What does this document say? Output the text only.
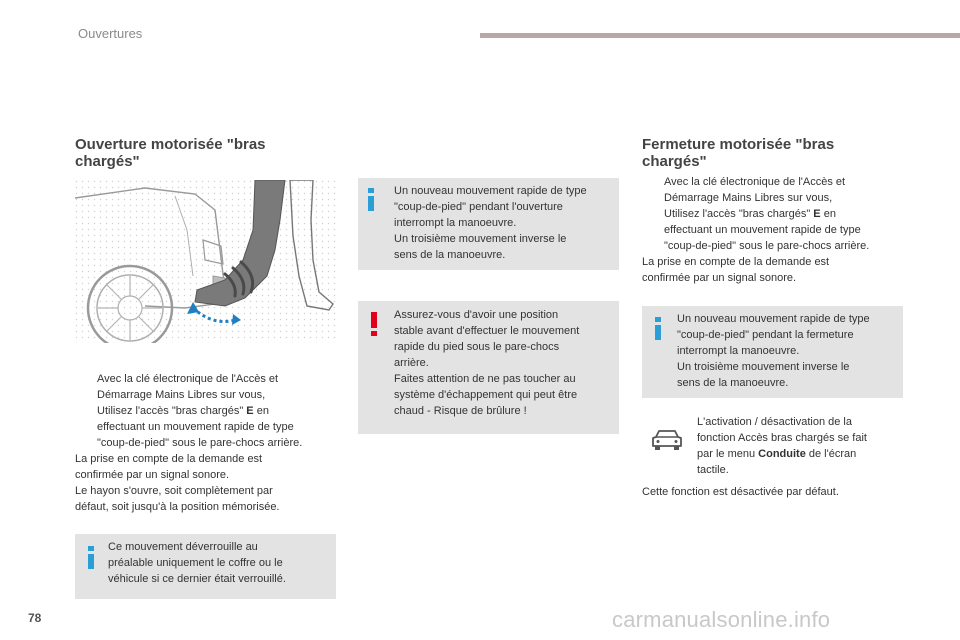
Ouvertures
Ouverture motorisée "bras
chargés"
Avec la clé électronique de l'Accès et
Démarrage Mains Libres sur vous,
Utilisez l'accès "bras chargés" E en
effectuant un mouvement rapide de type
"coup-de-pied" sous le pare-chocs arrière.
La prise en compte de la demande est
confirmée par un signal sonore.
Le hayon s'ouvre, soit complètement par
défaut, soit jusqu'à la position mémorisée.
Ce mouvement déverrouille au
préalable uniquement le coffre ou le
véhicule si ce dernier était verrouillé.
Un nouveau mouvement rapide de type
"coup-de-pied" pendant l'ouverture
interrompt la manoeuvre.
Un troisième mouvement inverse le
sens de la manoeuvre.
Assurez-vous d'avoir une position
stable avant d'effectuer le mouvement
rapide du pied sous le pare-chocs
arrière.
Faites attention de ne pas toucher au
système d'échappement qui peut être
chaud - Risque de brûlure !
Fermeture motorisée "bras
chargés"
Avec la clé électronique de l'Accès et
Démarrage Mains Libres sur vous,
Utilisez l'accès "bras chargés" E en
effectuant un mouvement rapide de type
"coup-de-pied" sous le pare-chocs arrière.
La prise en compte de la demande est
confirmée par un signal sonore.
Un nouveau mouvement rapide de type
"coup-de-pied" pendant la fermeture
interrompt la manoeuvre.
Un troisième mouvement inverse le
sens de la manoeuvre.
L'activation / désactivation de la
fonction Accès bras chargés se fait
par le menu Conduite de l'écran
tactile.
Cette fonction est désactivée par défaut.
78	carmanualsonline.info
